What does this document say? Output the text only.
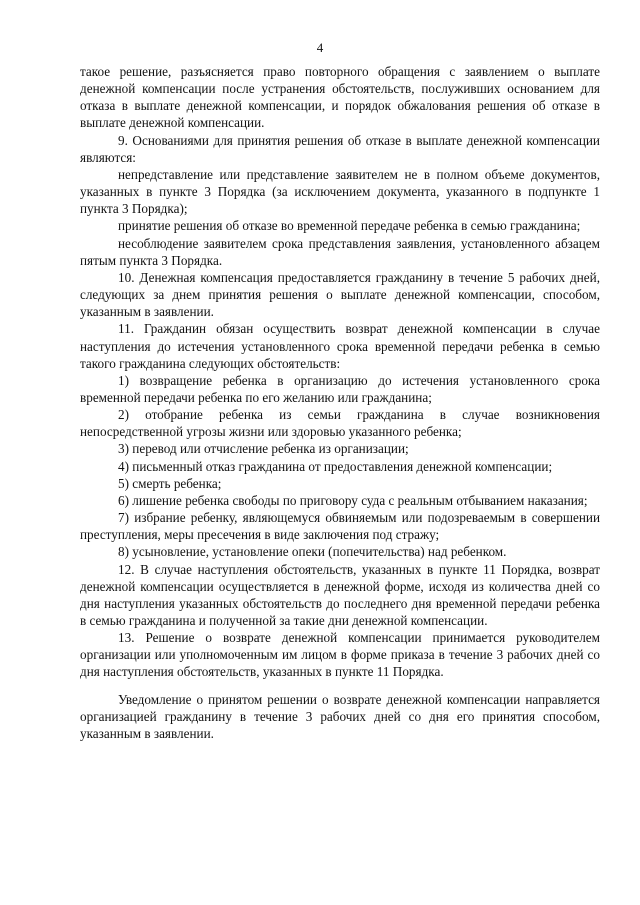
4

такое решение, разъясняется право повторного обращения с заявлением о выплате денежной компенсации после устранения обстоятельств, послуживших основанием для отказа в выплате денежной компенсации, и порядок обжалования решения об отказе в выплате денежной компенсации.

9. Основаниями для принятия решения об отказе в выплате денежной компенсации являются:

непредставление или представление заявителем не в полном объеме документов, указанных в пункте 3 Порядка (за исключением документа, указанного в подпункте 1 пункта 3 Порядка);

принятие решения об отказе во временной передаче ребенка в семью гражданина;

несоблюдение заявителем срока представления заявления, установленного абзацем пятым пункта 3 Порядка.

10. Денежная компенсация предоставляется гражданину в течение 5 рабочих дней, следующих за днем принятия решения о выплате денежной компенсации, способом, указанным в заявлении.

11. Гражданин обязан осуществить возврат денежной компенсации в случае наступления до истечения установленного срока временной передачи ребенка в семью такого гражданина следующих обстоятельств:

1) возвращение ребенка в организацию до истечения установленного срока временной передачи ребенка по его желанию или гражданина;

2) отобрание ребенка из семьи гражданина в случае возникновения непосредственной угрозы жизни или здоровью указанного ребенка;

3) перевод или отчисление ребенка из организации;

4) письменный отказ гражданина от предоставления денежной компенсации;

5) смерть ребенка;

6) лишение ребенка свободы по приговору суда с реальным отбыванием наказания;

7) избрание ребенку, являющемуся обвиняемым или подозреваемым в совершении преступления, меры пресечения в виде заключения под стражу;

8) усыновление, установление опеки (попечительства) над ребенком.

12. В случае наступления обстоятельств, указанных в пункте 11 Порядка, возврат денежной компенсации осуществляется в денежной форме, исходя из количества дней со дня наступления указанных обстоятельств до последнего дня временной передачи ребенка в семью гражданина и полученной за такие дни денежной компенсации.

13. Решение о возврате денежной компенсации принимается руководителем организации или уполномоченным им лицом в форме приказа в течение 3 рабочих дней со дня наступления обстоятельств, указанных в пункте 11 Порядка.

Уведомление о принятом решении о возврате денежной компенсации направляется организацией гражданину в течение 3 рабочих дней со дня его принятия способом, указанным в заявлении.
